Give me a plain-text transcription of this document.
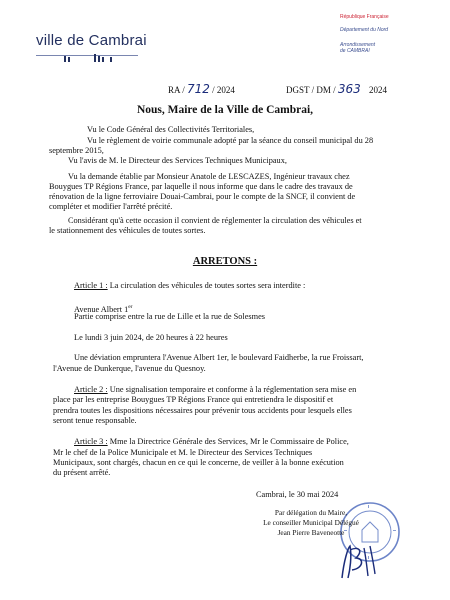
ville de Cambrai
République Française
Département du Nord
Arrondissement
de CAMBRAI
RA / 712 / 2024	DGST / DM / 363 2024
Nous, Maire de la Ville de Cambrai,
Vu le Code Général des Collectivités Territoriales,
Vu le règlement de voirie communale adopté par la séance du conseil municipal du 28
septembre 2015,
Vu l'avis de M. le Directeur des Services Techniques Municipaux,
Vu la demande établie par Monsieur Anatole de LESCAZES, Ingénieur travaux chez
Bouygues TP Régions France, par laquelle il nous informe que dans le cadre des travaux de
rénovation de la ligne ferroviaire Douai-Cambrai, pour le compte de la SNCF, il convient de
compléter et modifier l'arrêté précité.
Considérant qu'à cette occasion il convient de réglementer la circulation des véhicules et
le stationnement des véhicules de toutes sortes.
ARRETONS :
Article 1 : La circulation des véhicules de toutes sortes sera interdite :
Avenue Albert 1er
Partie comprise entre la rue de Lille et la rue de Solesmes
Le lundi 3 juin 2024, de 20 heures à 22 heures
Une déviation empruntera l'Avenue Albert 1er, le boulevard Faidherbe, la rue Froissart,
l'Avenue de Dunkerque, l'avenue du Quesnoy.
Article 2 : Une signalisation temporaire et conforme à la réglementation sera mise en
place par les entreprise Bouygues TP Régions France qui entretiendra le dispositif et
prendra toutes les dispositions nécessaires pour prévenir tous accidents pour lesquels elles
seront tenue responsable.
Article 3 : Mme la Directrice Générale des Services, Mr le Commissaire de Police,
Mr le chef de la Police Municipale et M. le Directeur des Services Techniques
Municipaux, sont chargés, chacun en ce qui le concerne, de veiller à la bonne exécution
du présent arrêté.
Cambrai, le 30 mai 2024
Par délégation du Maire,
Le conseiller Municipal Délégué
Jean Pierre Baveneotte
